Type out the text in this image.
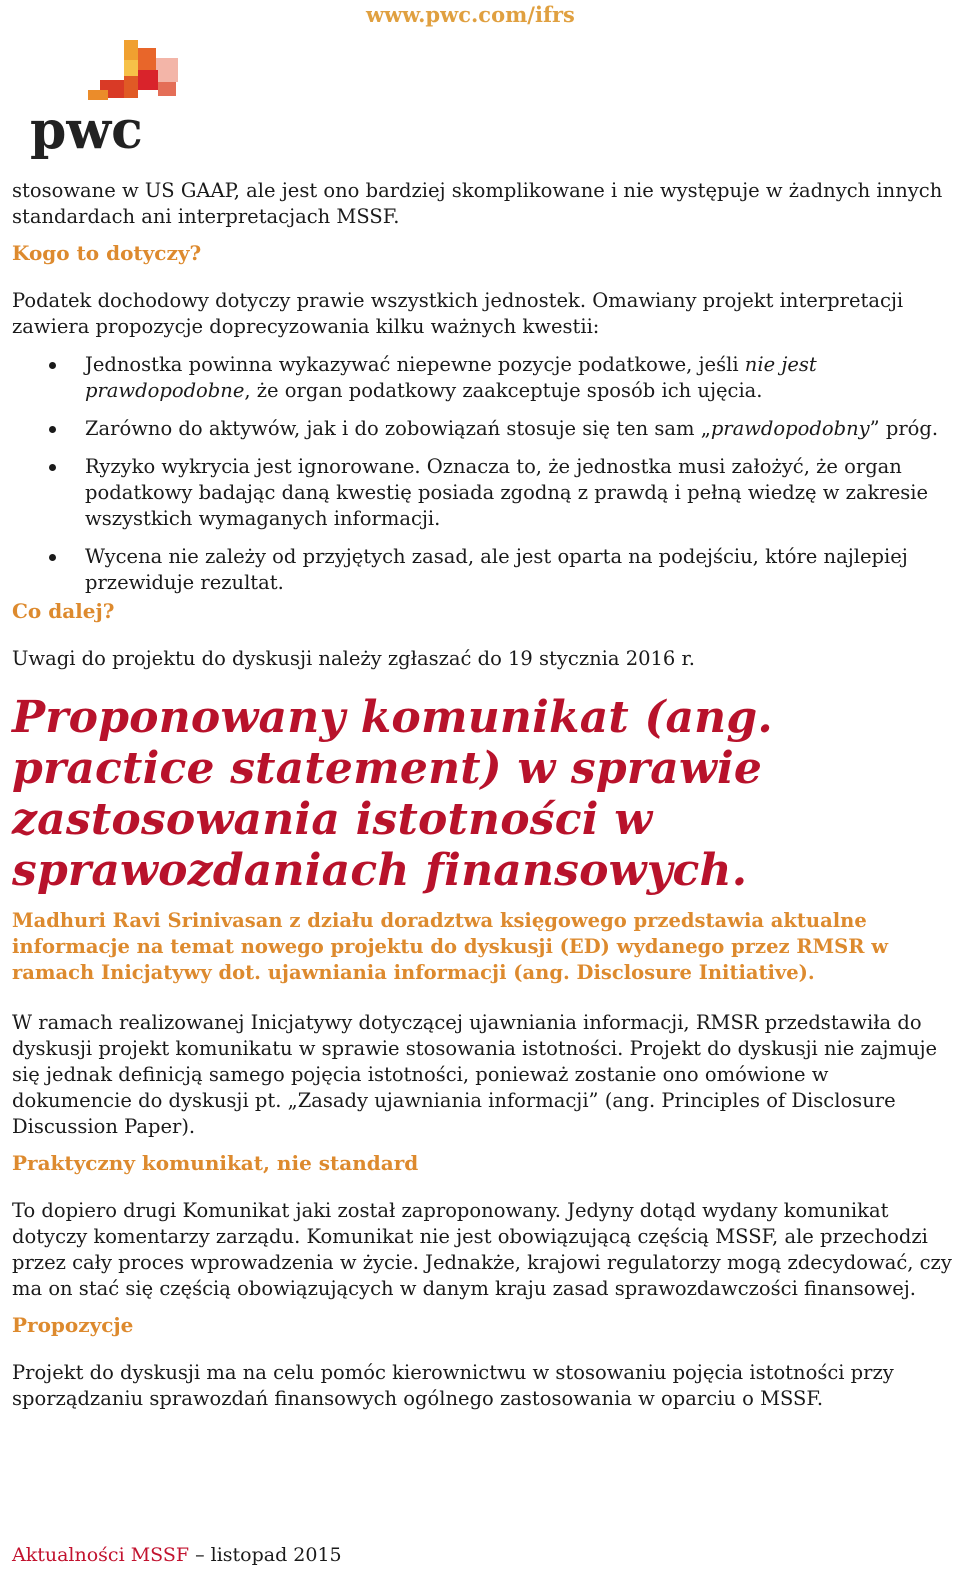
www.pwc.com/ifrs
pwc

stosowane w US GAAP, ale jest ono bardziej skomplikowane i nie występuje w żadnych innych standardach ani interpretacjach MSSF.

Kogo to dotyczy?

Podatek dochodowy dotyczy prawie wszystkich jednostek. Omawiany projekt interpretacji zawiera propozycje doprecyzowania kilku ważnych kwestii:

Jednostka powinna wykazywać niepewne pozycje podatkowe, jeśli nie jest prawdopodobne, że organ podatkowy zaakceptuje sposób ich ujęcia.
Zarówno do aktywów, jak i do zobowiązań stosuje się ten sam „prawdopodobny” próg.
Ryzyko wykrycia jest ignorowane. Oznacza to, że jednostka musi założyć, że organ podatkowy badając daną kwestię posiada zgodną z prawdą i pełną wiedzę w zakresie wszystkich wymaganych informacji.
Wycena nie zależy od przyjętych zasad, ale jest oparta na podejściu, które najlepiej przewiduje rezultat.
Co dalej?

Uwagi do projektu do dyskusji należy zgłaszać do 19 stycznia 2016 r.

Proponowany komunikat (ang. practice statement) w sprawie zastosowania istotności w sprawozdaniach finansowych.

Madhuri Ravi Srinivasan z działu doradztwa księgowego przedstawia aktualne informacje na temat nowego projektu do dyskusji (ED) wydanego przez RMSR w ramach Inicjatywy dot. ujawniania informacji (ang. Disclosure Initiative).

W ramach realizowanej Inicjatywy dotyczącej ujawniania informacji, RMSR przedstawiła do dyskusji projekt komunikatu w sprawie stosowania istotności. Projekt do dyskusji nie zajmuje się jednak definicją samego pojęcia istotności, ponieważ zostanie ono omówione w dokumencie do dyskusji pt. „Zasady ujawniania informacji” (ang. Principles of Disclosure Discussion Paper).

Praktyczny komunikat, nie standard

To dopiero drugi Komunikat jaki został zaproponowany. Jedyny dotąd wydany komunikat dotyczy komentarzy zarządu. Komunikat nie jest obowiązującą częścią MSSF, ale przechodzi przez cały proces wprowadzenia w życie. Jednakże, krajowi regulatorzy mogą zdecydować, czy ma on stać się częścią obowiązujących w danym kraju zasad sprawozdawczości finansowej.

Propozycje

Projekt do dyskusji ma na celu pomóc kierownictwu w stosowaniu pojęcia istotności przy sporządzaniu sprawozdań finansowych ogólnego zastosowania w oparciu o MSSF.

Aktualności MSSF – listopad 2015
